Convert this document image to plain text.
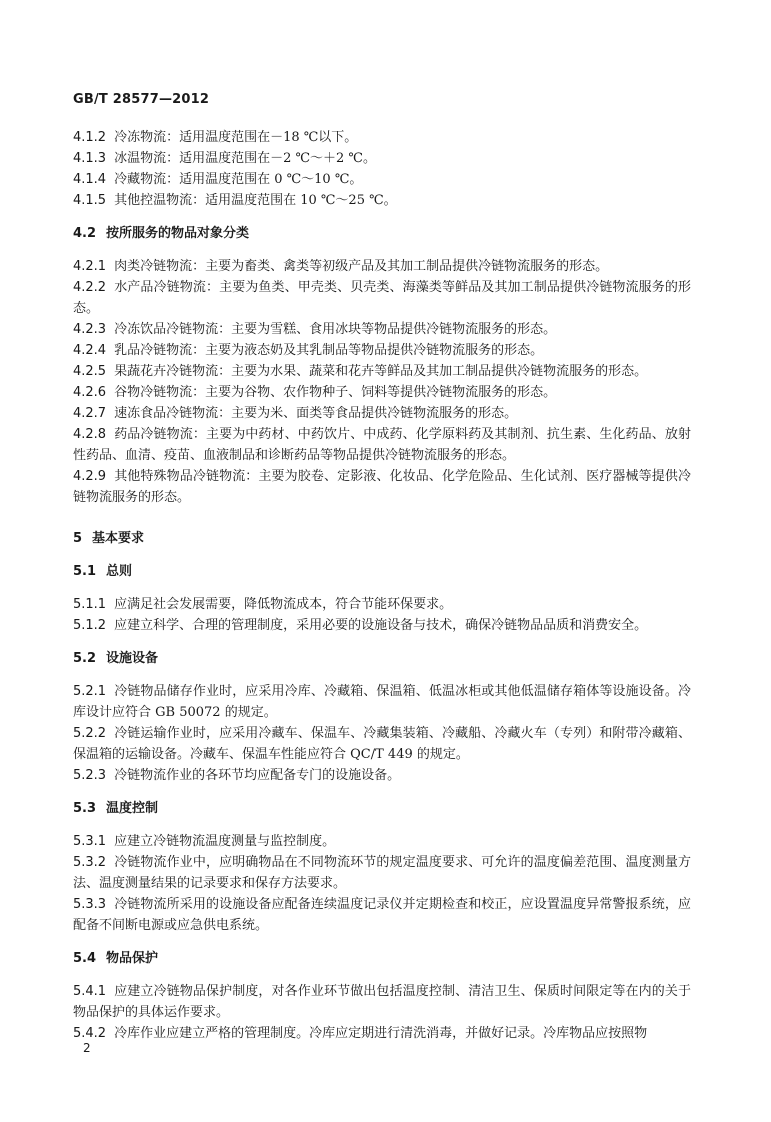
GB/T 28577—2012

4.1.2 冷冻物流：适用温度范围在－18 ℃以下。

4.1.3 冰温物流：适用温度范围在－2 ℃～＋2 ℃。

4.1.4 冷藏物流：适用温度范围在 0 ℃～10 ℃。

4.1.5 其他控温物流：适用温度范围在 10 ℃～25 ℃。

4.2 按所服务的物品对象分类

4.2.1 肉类冷链物流：主要为畜类、禽类等初级产品及其加工制品提供冷链物流服务的形态。

4.2.2 水产品冷链物流：主要为鱼类、甲壳类、贝壳类、海藻类等鲜品及其加工制品提供冷链物流服务的形态。

4.2.3 冷冻饮品冷链物流：主要为雪糕、食用冰块等物品提供冷链物流服务的形态。

4.2.4 乳品冷链物流：主要为液态奶及其乳制品等物品提供冷链物流服务的形态。

4.2.5 果蔬花卉冷链物流：主要为水果、蔬菜和花卉等鲜品及其加工制品提供冷链物流服务的形态。

4.2.6 谷物冷链物流：主要为谷物、农作物种子、饲料等提供冷链物流服务的形态。

4.2.7 速冻食品冷链物流：主要为米、面类等食品提供冷链物流服务的形态。

4.2.8 药品冷链物流：主要为中药材、中药饮片、中成药、化学原料药及其制剂、抗生素、生化药品、放射性药品、血清、疫苗、血液制品和诊断药品等物品提供冷链物流服务的形态。

4.2.9 其他特殊物品冷链物流：主要为胶卷、定影液、化妆品、化学危险品、生化试剂、医疗器械等提供冷链物流服务的形态。

5 基本要求

5.1 总则

5.1.1 应满足社会发展需要，降低物流成本，符合节能环保要求。

5.1.2 应建立科学、合理的管理制度，采用必要的设施设备与技术，确保冷链物品品质和消费安全。

5.2 设施设备

5.2.1 冷链物品储存作业时，应采用冷库、冷藏箱、保温箱、低温冰柜或其他低温储存箱体等设施设备。冷库设计应符合 GB 50072 的规定。

5.2.2 冷链运输作业时，应采用冷藏车、保温车、冷藏集装箱、冷藏船、冷藏火车（专列）和附带冷藏箱、保温箱的运输设备。冷藏车、保温车性能应符合 QC/T 449 的规定。

5.2.3 冷链物流作业的各环节均应配备专门的设施设备。

5.3 温度控制

5.3.1 应建立冷链物流温度测量与监控制度。

5.3.2 冷链物流作业中，应明确物品在不同物流环节的规定温度要求、可允许的温度偏差范围、温度测量方法、温度测量结果的记录要求和保存方法要求。

5.3.3 冷链物流所采用的设施设备应配备连续温度记录仪并定期检查和校正，应设置温度异常警报系统，应配备不间断电源或应急供电系统。

5.4 物品保护

5.4.1 应建立冷链物品保护制度，对各作业环节做出包括温度控制、清洁卫生、保质时间限定等在内的关于物品保护的具体运作要求。

5.4.2 冷库作业应建立严格的管理制度。冷库应定期进行清洗消毒，并做好记录。冷库物品应按照物

2
